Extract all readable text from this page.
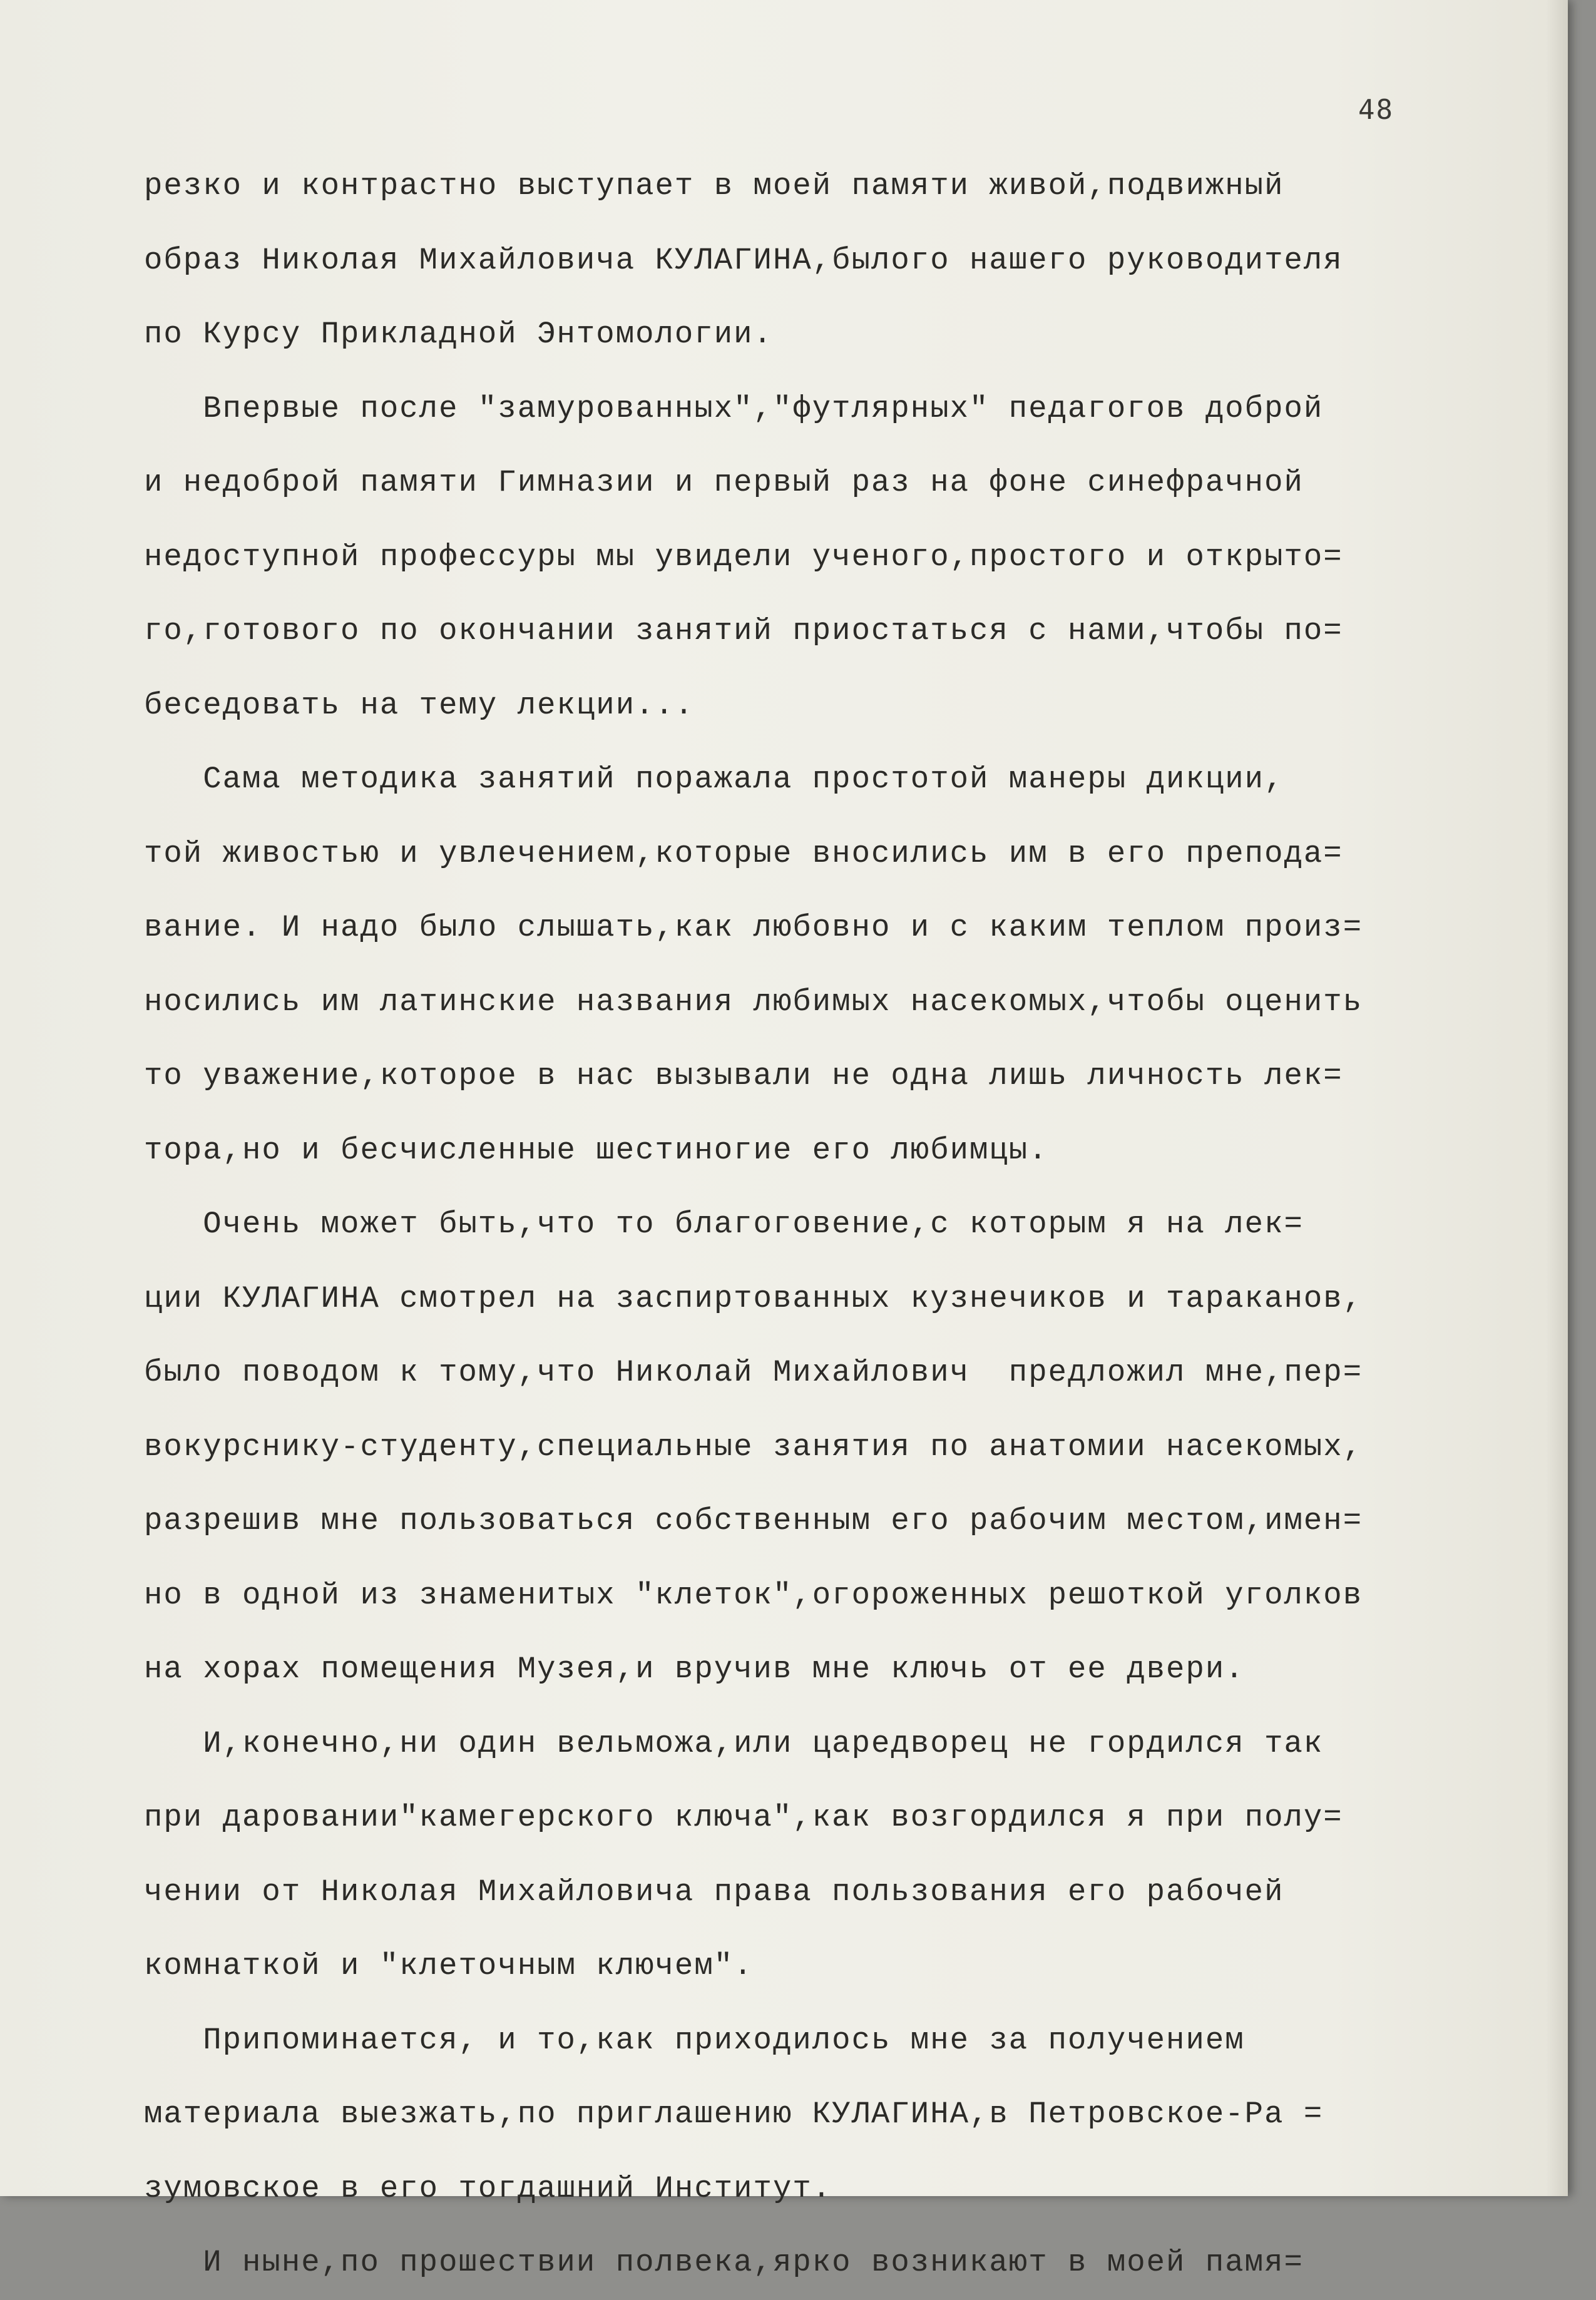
48
резко и контрастно выступает в моей памяти живой,подвижный
образ Николая Михайловича КУЛАГИНА,былого нашего руководителя
по Курсу Прикладной Энтомологии.
Впервые после "замурованных","футлярных" педагогов доброй
и недоброй памяти Гимназии и первый раз на фоне синефрачной
недоступной профессуры мы увидели ученого,простого и открыто=
го,готового по окончании занятий приостаться с нами,чтобы по=
беседовать на тему лекции...
Сама методика занятий поражала простотой манеры дикции,
той живостью и увлечением,которые вносились им в его препода=
вание. И надо было слышать,как любовно и с каким теплом произ=
носились им латинские названия любимых насекомых,чтобы оценить
то уважение,которое в нас вызывали не одна лишь личность лек=
тора,но и бесчисленные шестиногие его любимцы.
Очень может быть,что то благоговение,с которым я на лек=
ции КУЛАГИНА смотрел на заспиртованных кузнечиков и тараканов,
было поводом к тому,что Николай Михайлович  предложил мне,пер=
вокурснику-студенту,специальные занятия по анатомии насекомых,
разрешив мне пользоваться собственным его рабочим местом,имен=
но в одной из знаменитых "клеток",огороженных решоткой уголков
на хорах помещения Музея,и вручив мне ключь от ее двери.
И,конечно,ни один вельможа,или царедворец не гордился так
при даровании"камегерского ключа",как возгордился я при полу=
чении от Николая Михайловича права пользования его рабочей
комнаткой и "клеточным ключем".
Припоминается, и то,как приходилось мне за получением
материала выезжать,по приглашению КУЛАГИНА,в Петровское-Ра =
зумовское в его тогдашний Институт.
И ныне,по прошествии полвека,ярко возникают в моей памя=
